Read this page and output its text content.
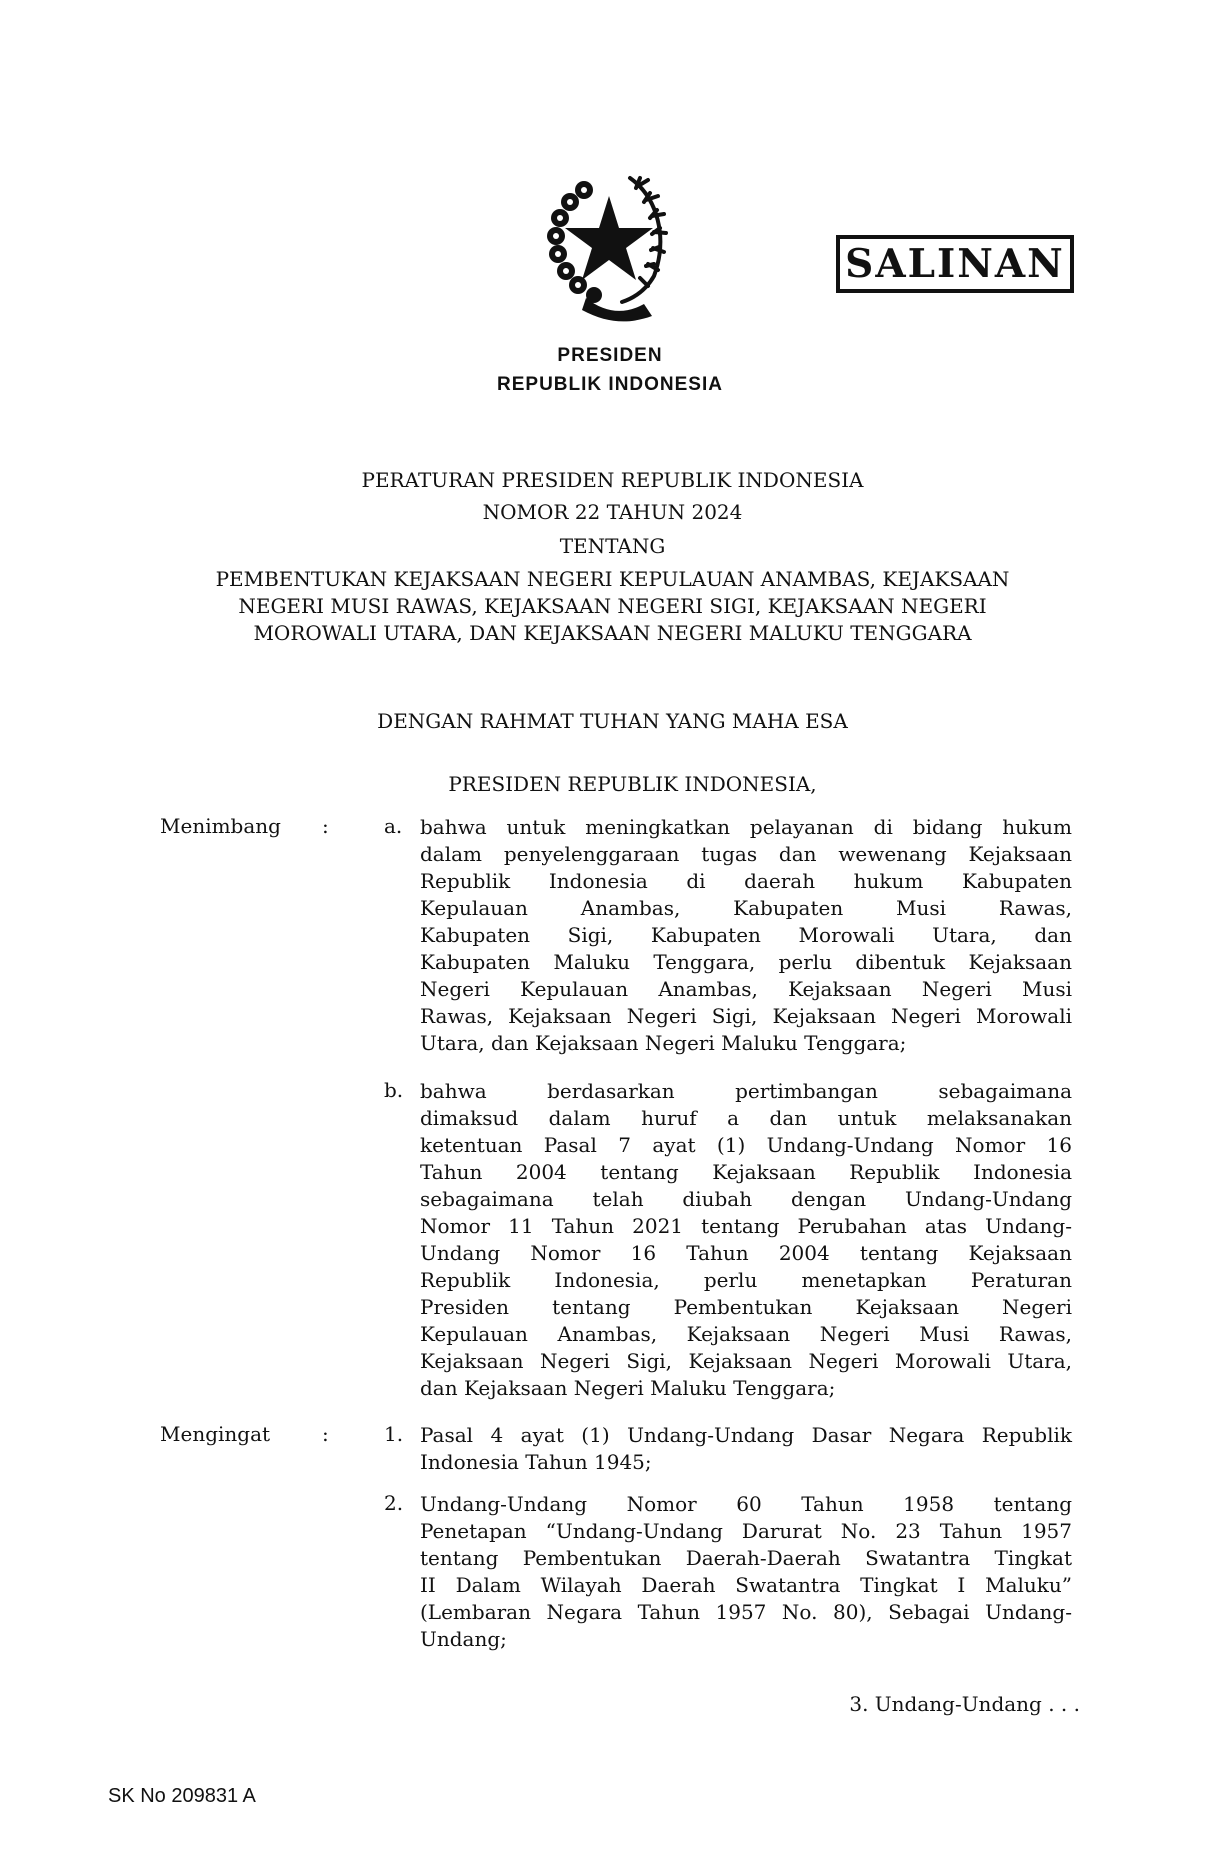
SALINAN
PRESIDEN
REPUBLIK INDONESIA
PERATURAN PRESIDEN REPUBLIK INDONESIA
NOMOR 22 TAHUN 2024
TENTANG
PEMBENTUKAN KEJAKSAAN NEGERI KEPULAUAN ANAMBAS, KEJAKSAAN
NEGERI MUSI RAWAS, KEJAKSAAN NEGERI SIGI, KEJAKSAAN NEGERI
MOROWALI UTARA, DAN KEJAKSAAN NEGERI MALUKU TENGGARA
DENGAN RAHMAT TUHAN YANG MAHA ESA
PRESIDEN REPUBLIK INDONESIA,
Menimbang :	a. bahwa untuk meningkatkan pelayanan di bidang hukum
dalam penyelenggaraan tugas dan wewenang Kejaksaan
Republik Indonesia di daerah hukum Kabupaten
Kepulauan Anambas, Kabupaten Musi Rawas,
Kabupaten Sigi, Kabupaten Morowali Utara, dan
Kabupaten Maluku Tenggara, perlu dibentuk Kejaksaan
Negeri Kepulauan Anambas, Kejaksaan Negeri Musi
Rawas, Kejaksaan Negeri Sigi, Kejaksaan Negeri Morowali
Utara, dan Kejaksaan Negeri Maluku Tenggara;
b. bahwa berdasarkan pertimbangan sebagaimana
dimaksud dalam huruf a dan untuk melaksanakan
ketentuan Pasal 7 ayat (1) Undang-Undang Nomor 16
Tahun 2004 tentang Kejaksaan Republik Indonesia
sebagaimana telah diubah dengan Undang-Undang
Nomor 11 Tahun 2021 tentang Perubahan atas Undang-
Undang Nomor 16 Tahun 2004 tentang Kejaksaan
Republik Indonesia, perlu menetapkan Peraturan
Presiden tentang Pembentukan Kejaksaan Negeri
Kepulauan Anambas, Kejaksaan Negeri Musi Rawas,
Kejaksaan Negeri Sigi, Kejaksaan Negeri Morowali Utara,
dan Kejaksaan Negeri Maluku Tenggara;
Mengingat	:	1. Pasal 4 ayat (1) Undang-Undang Dasar Negara Republik
Indonesia Tahun 1945;
2. Undang-Undang Nomor 60 Tahun 1958 tentang
Penetapan “Undang-Undang Darurat No. 23 Tahun 1957
tentang Pembentukan Daerah-Daerah Swatantra Tingkat
II Dalam Wilayah Daerah Swatantra Tingkat I Maluku”
(Lembaran Negara Tahun 1957 No. 80), Sebagai Undang-
Undang;
3. Undang-Undang . . .
SK No 209831 A
